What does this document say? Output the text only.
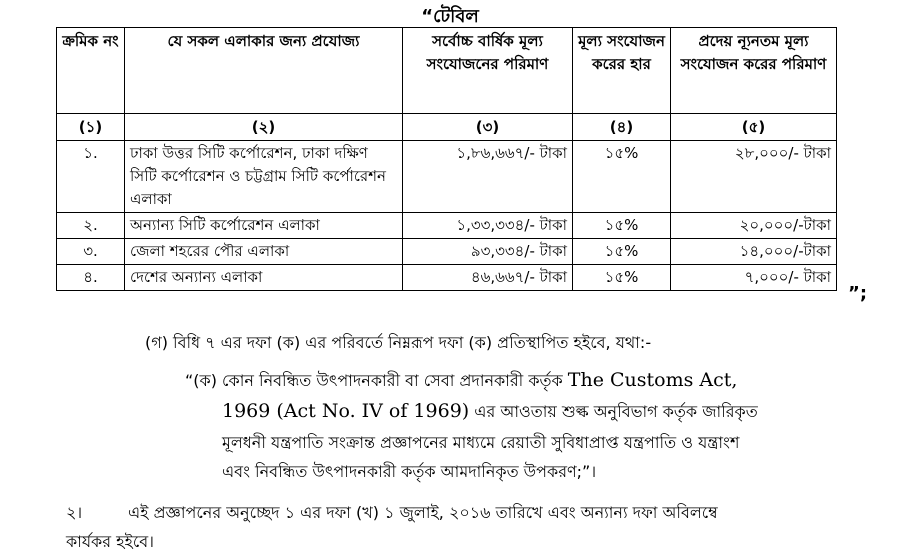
“টেবিল
ক্রমিক নং	যে সকল এলাকার জন্য প্রযোজ্য	সর্বোচ্চ বার্ষিক মূল্য সংযোজনের পরিমাণ	মূল্য সংযোজন করের হার	প্রদেয় ন্যূনতম মূল্য সংযোজন করের পরিমাণ
(১)	(২)	(৩)	(৪)	(৫)
১.	ঢাকা উত্তর সিটি কর্পোরেশন, ঢাকা দক্ষিণ সিটি কর্পোরেশন ও চট্টগ্রাম সিটি কর্পোরেশন এলাকা	১,৮৬,৬৬৭/- টাকা	১৫%	২৮,০০০/- টাকা
২.	অন্যান্য সিটি কর্পোরেশন এলাকা	১,৩৩,৩৩৪/- টাকা	১৫%	২০,০০০/-টাকা
৩.	জেলা শহরের পৌর এলাকা	৯৩,৩৩৪/- টাকা	১৫%	১৪,০০০/-টাকা
৪.	দেশের অন্যান্য এলাকা	৪৬,৬৬৭/- টাকা	১৫%	৭,০০০/- টাকা
”;
(গ) বিধি ৭ এর দফা (ক) এর পরিবর্তে নিম্নরূপ দফা (ক) প্রতিস্থাপিত হইবে, যথা:-
“(ক) কোন নিবন্ধিত উৎপাদনকারী বা সেবা প্রদানকারী কর্তৃক The Customs Act,
1969 (Act No. IV of 1969) এর আওতায় শুল্ক অনুবিভাগ কর্তৃক জারিকৃত
মূলধনী যন্ত্রপাতি সংক্রান্ত প্রজ্ঞাপনের মাধ্যমে রেয়াতী সুবিধাপ্রাপ্ত যন্ত্রপাতি ও যন্ত্রাংশ
এবং নিবন্ধিত উৎপাদনকারী কর্তৃক আমদানিকৃত উপকরণ;”।
২।	এই প্রজ্ঞাপনের অনুচ্ছেদ ১ এর দফা (খ) ১ জুলাই, ২০১৬ তারিখে এবং অন্যান্য দফা অবিলম্বে
কার্যকর হইবে।
